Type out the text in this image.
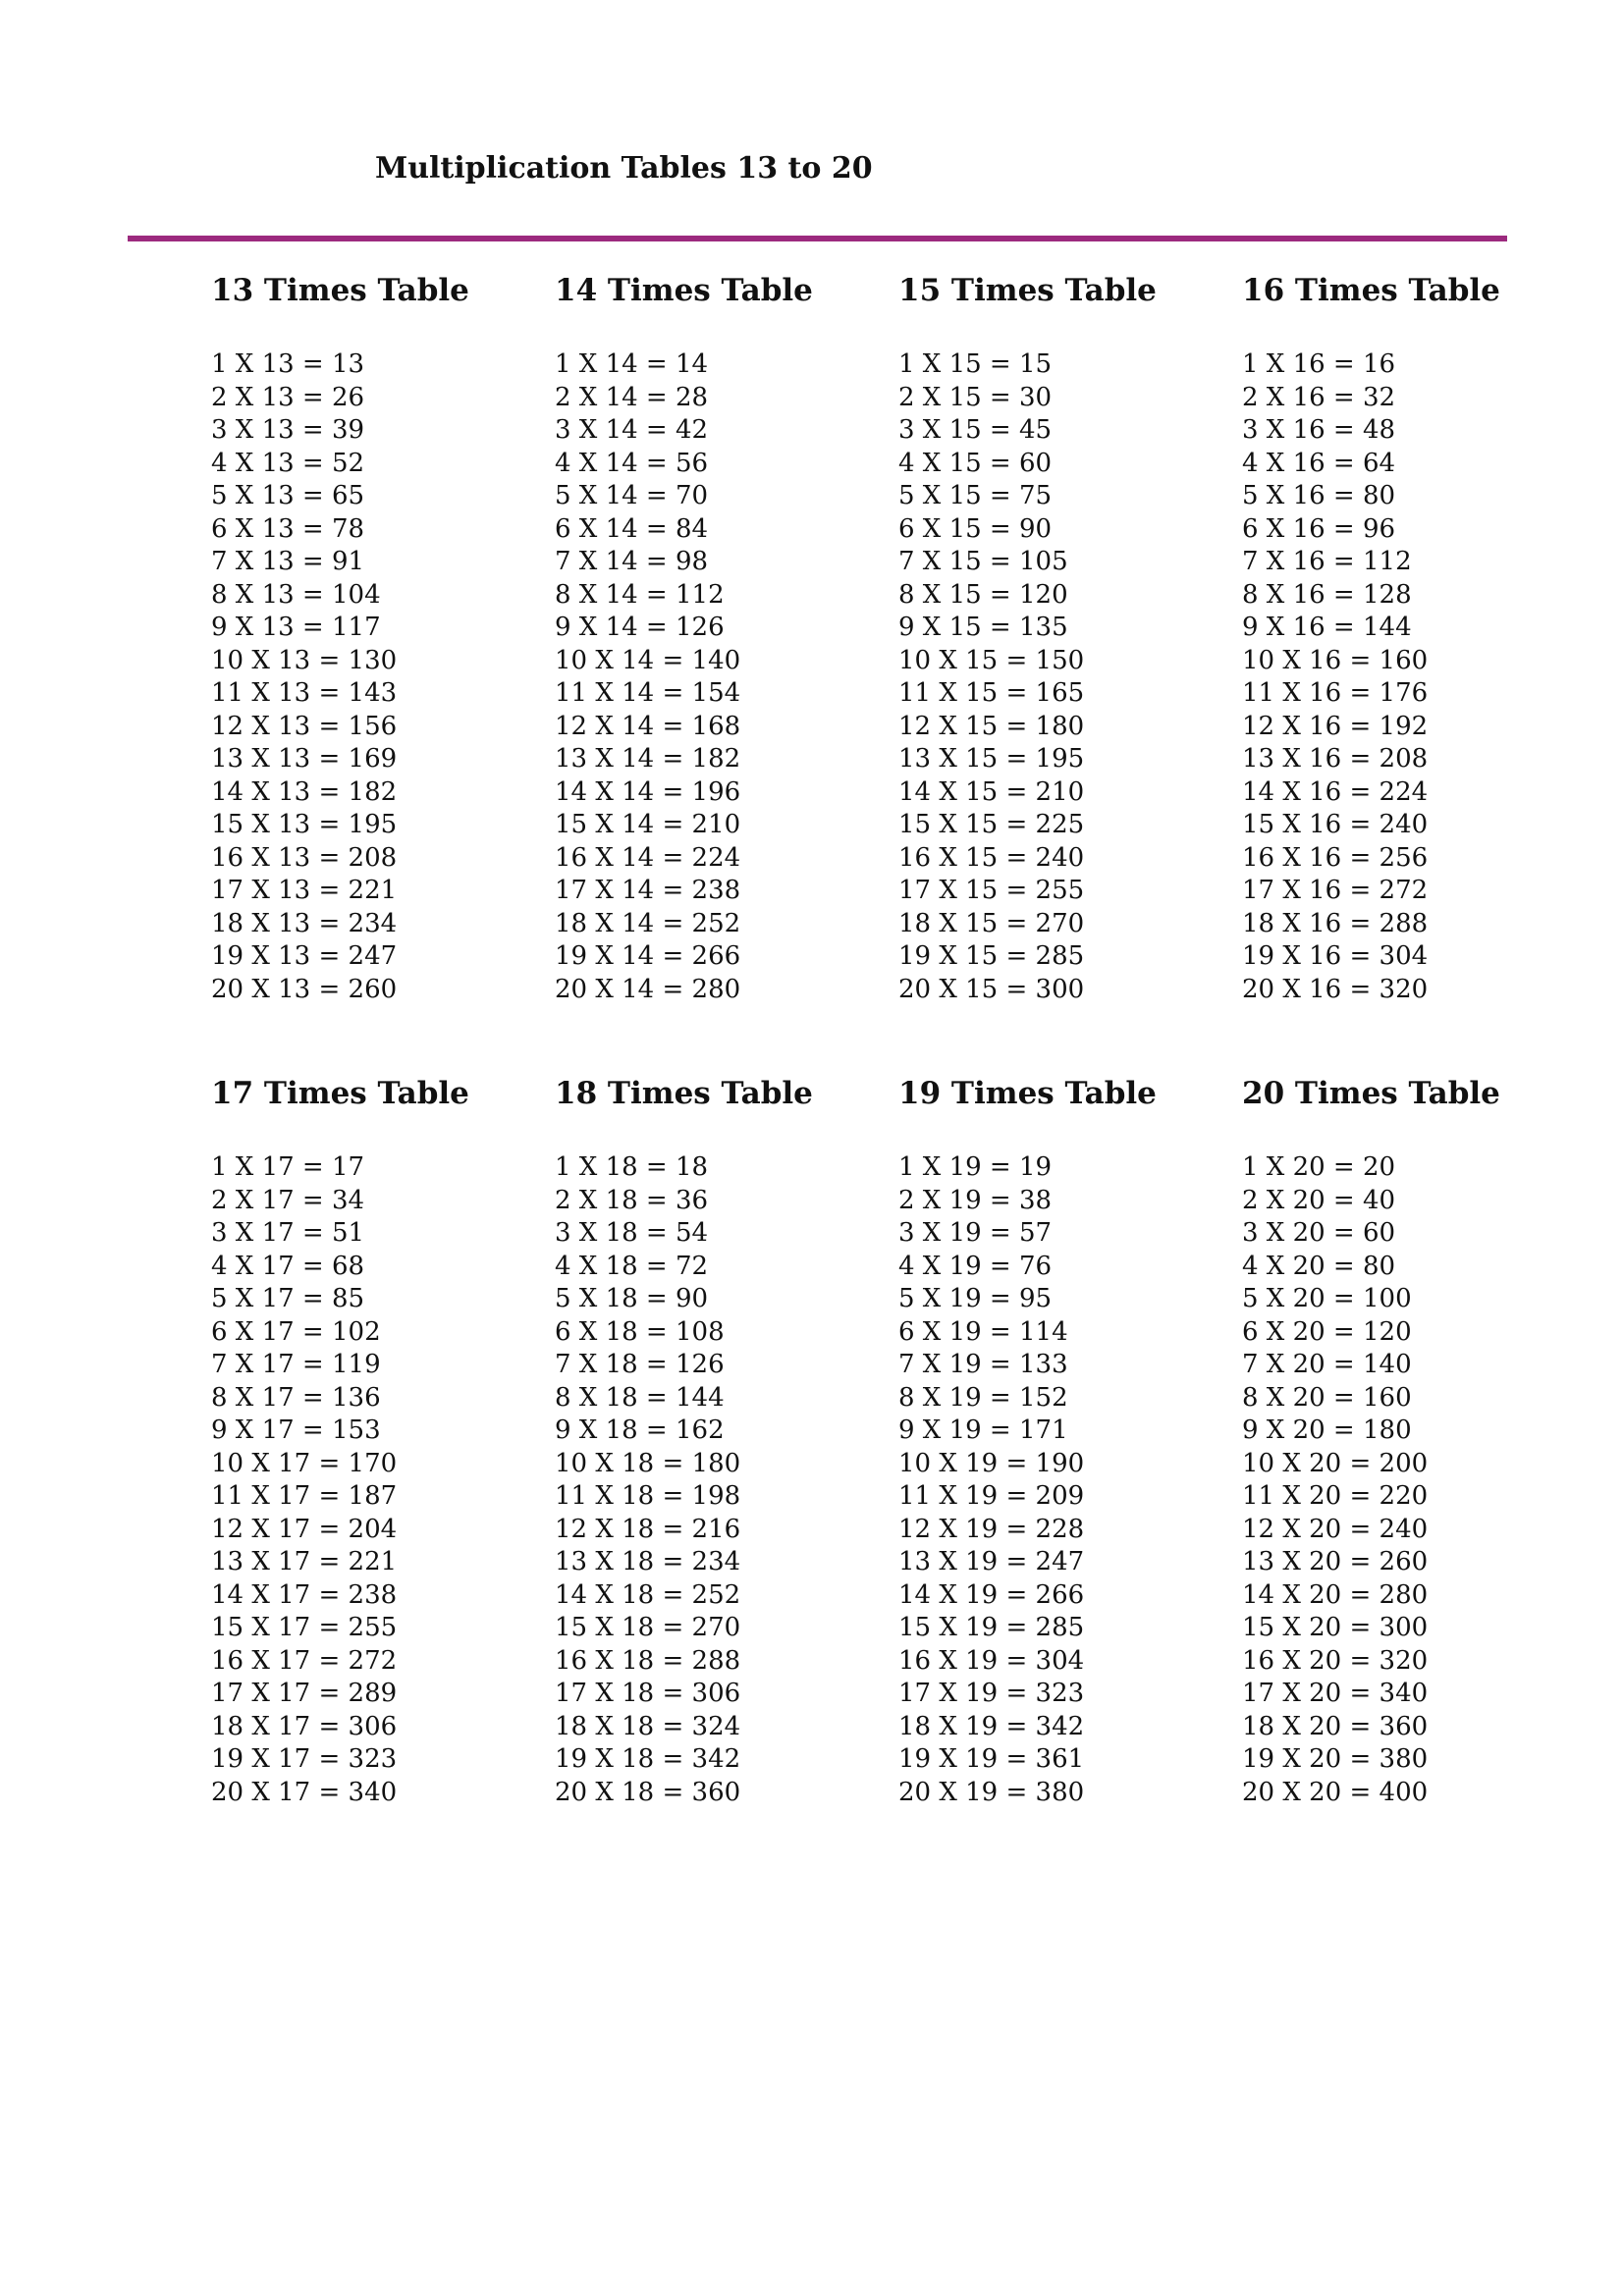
Multiplication Tables 13 to 20
13 Times Table
1 X 13 = 13
2 X 13 = 26
3 X 13 = 39
4 X 13 = 52
5 X 13 = 65
6 X 13 = 78
7 X 13 = 91
8 X 13 = 104
9 X 13 = 117
10 X 13 = 130
11 X 13 = 143
12 X 13 = 156
13 X 13 = 169
14 X 13 = 182
15 X 13 = 195
16 X 13 = 208
17 X 13 = 221
18 X 13 = 234
19 X 13 = 247
20 X 13 = 260
14 Times Table
1 X 14 = 14
2 X 14 = 28
3 X 14 = 42
4 X 14 = 56
5 X 14 = 70
6 X 14 = 84
7 X 14 = 98
8 X 14 = 112
9 X 14 = 126
10 X 14 = 140
11 X 14 = 154
12 X 14 = 168
13 X 14 = 182
14 X 14 = 196
15 X 14 = 210
16 X 14 = 224
17 X 14 = 238
18 X 14 = 252
19 X 14 = 266
20 X 14 = 280
15 Times Table
1 X 15 = 15
2 X 15 = 30
3 X 15 = 45
4 X 15 = 60
5 X 15 = 75
6 X 15 = 90
7 X 15 = 105
8 X 15 = 120
9 X 15 = 135
10 X 15 = 150
11 X 15 = 165
12 X 15 = 180
13 X 15 = 195
14 X 15 = 210
15 X 15 = 225
16 X 15 = 240
17 X 15 = 255
18 X 15 = 270
19 X 15 = 285
20 X 15 = 300
16 Times Table
1 X 16 = 16
2 X 16 = 32
3 X 16 = 48
4 X 16 = 64
5 X 16 = 80
6 X 16 = 96
7 X 16 = 112
8 X 16 = 128
9 X 16 = 144
10 X 16 = 160
11 X 16 = 176
12 X 16 = 192
13 X 16 = 208
14 X 16 = 224
15 X 16 = 240
16 X 16 = 256
17 X 16 = 272
18 X 16 = 288
19 X 16 = 304
20 X 16 = 320
17 Times Table
1 X 17 = 17
2 X 17 = 34
3 X 17 = 51
4 X 17 = 68
5 X 17 = 85
6 X 17 = 102
7 X 17 = 119
8 X 17 = 136
9 X 17 = 153
10 X 17 = 170
11 X 17 = 187
12 X 17 = 204
13 X 17 = 221
14 X 17 = 238
15 X 17 = 255
16 X 17 = 272
17 X 17 = 289
18 X 17 = 306
19 X 17 = 323
20 X 17 = 340
18 Times Table
1 X 18 = 18
2 X 18 = 36
3 X 18 = 54
4 X 18 = 72
5 X 18 = 90
6 X 18 = 108
7 X 18 = 126
8 X 18 = 144
9 X 18 = 162
10 X 18 = 180
11 X 18 = 198
12 X 18 = 216
13 X 18 = 234
14 X 18 = 252
15 X 18 = 270
16 X 18 = 288
17 X 18 = 306
18 X 18 = 324
19 X 18 = 342
20 X 18 = 360
19 Times Table
1 X 19 = 19
2 X 19 = 38
3 X 19 = 57
4 X 19 = 76
5 X 19 = 95
6 X 19 = 114
7 X 19 = 133
8 X 19 = 152
9 X 19 = 171
10 X 19 = 190
11 X 19 = 209
12 X 19 = 228
13 X 19 = 247
14 X 19 = 266
15 X 19 = 285
16 X 19 = 304
17 X 19 = 323
18 X 19 = 342
19 X 19 = 361
20 X 19 = 380
20 Times Table
1 X 20 = 20
2 X 20 = 40
3 X 20 = 60
4 X 20 = 80
5 X 20 = 100
6 X 20 = 120
7 X 20 = 140
8 X 20 = 160
9 X 20 = 180
10 X 20 = 200
11 X 20 = 220
12 X 20 = 240
13 X 20 = 260
14 X 20 = 280
15 X 20 = 300
16 X 20 = 320
17 X 20 = 340
18 X 20 = 360
19 X 20 = 380
20 X 20 = 400
